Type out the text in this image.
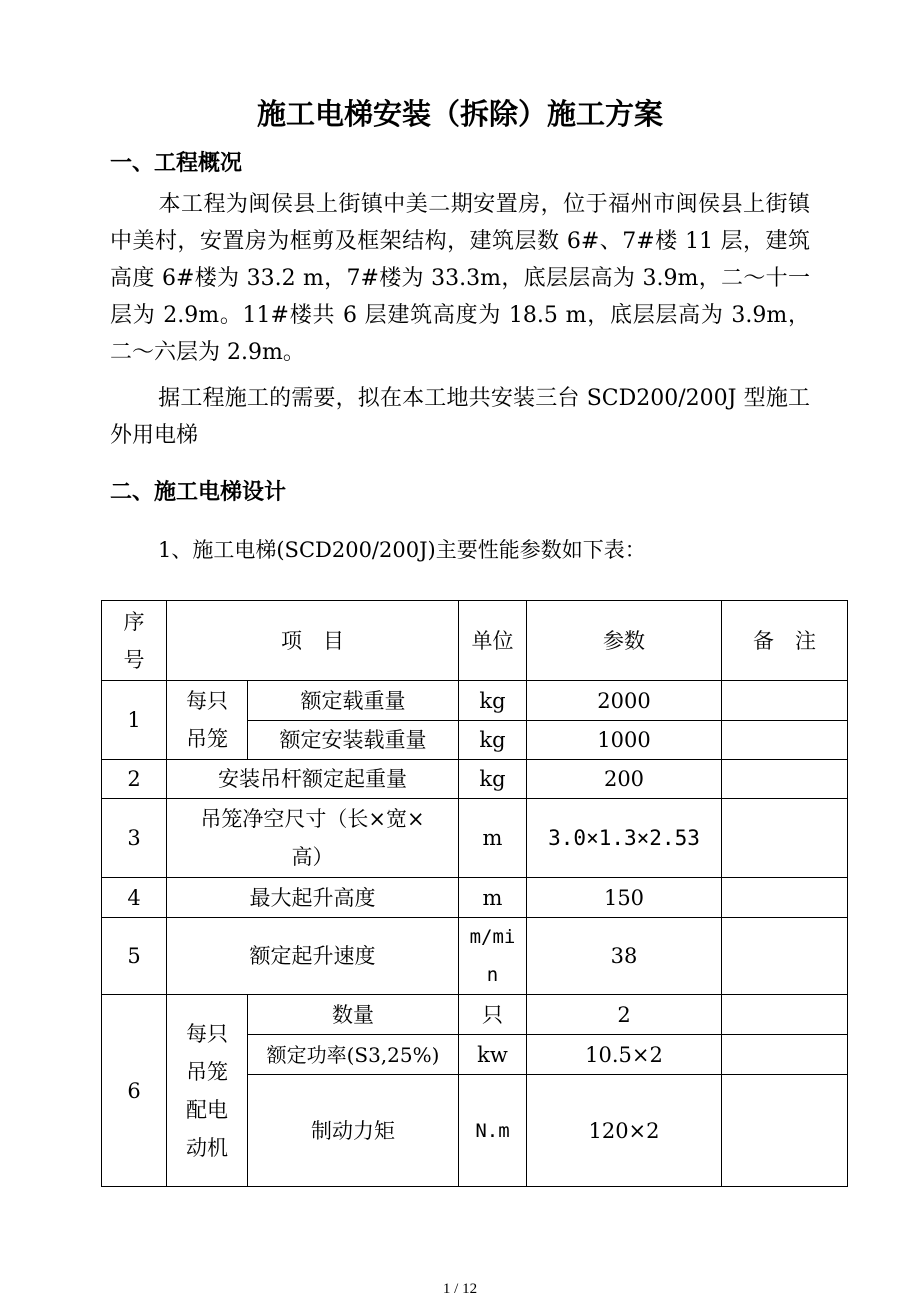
施工电梯安装（拆除）施工方案
一、工程概况
本工程为闽侯县上街镇中美二期安置房，位于福州市闽侯县上街镇中美村，安置房为框剪及框架结构，建筑层数 6#、7#楼 11 层，建筑高度 6#楼为 33.2 m，7#楼为 33.3m，底层层高为 3.9m，二～十一层为 2.9m。11#楼共 6 层建筑高度为 18.5 m，底层层高为 3.9m，二～六层为 2.9m。
据工程施工的需要，拟在本工地共安装三台 SCD200/200J 型施工外用电梯
二、施工电梯设计
1、施工电梯(SCD200/200J)主要性能参数如下表：
序号	项　目		单位	参数	备　注
1	每只吊笼	额定载重量	kg	2000	
		额定安装载重量	kg	1000	
2	安装吊杆额定起重量		kg	200	
3	吊笼净空尺寸（长×宽×高）		m	3.0×1.3×2.53	
4	最大起升高度		m	150	
5	额定起升速度		m/min	38	
6	每只吊笼配电动机	数量	只	2	
		额定功率(S3,25%)	kw	10.5×2	
		制动力矩	N.m	120×2	
1 / 12
